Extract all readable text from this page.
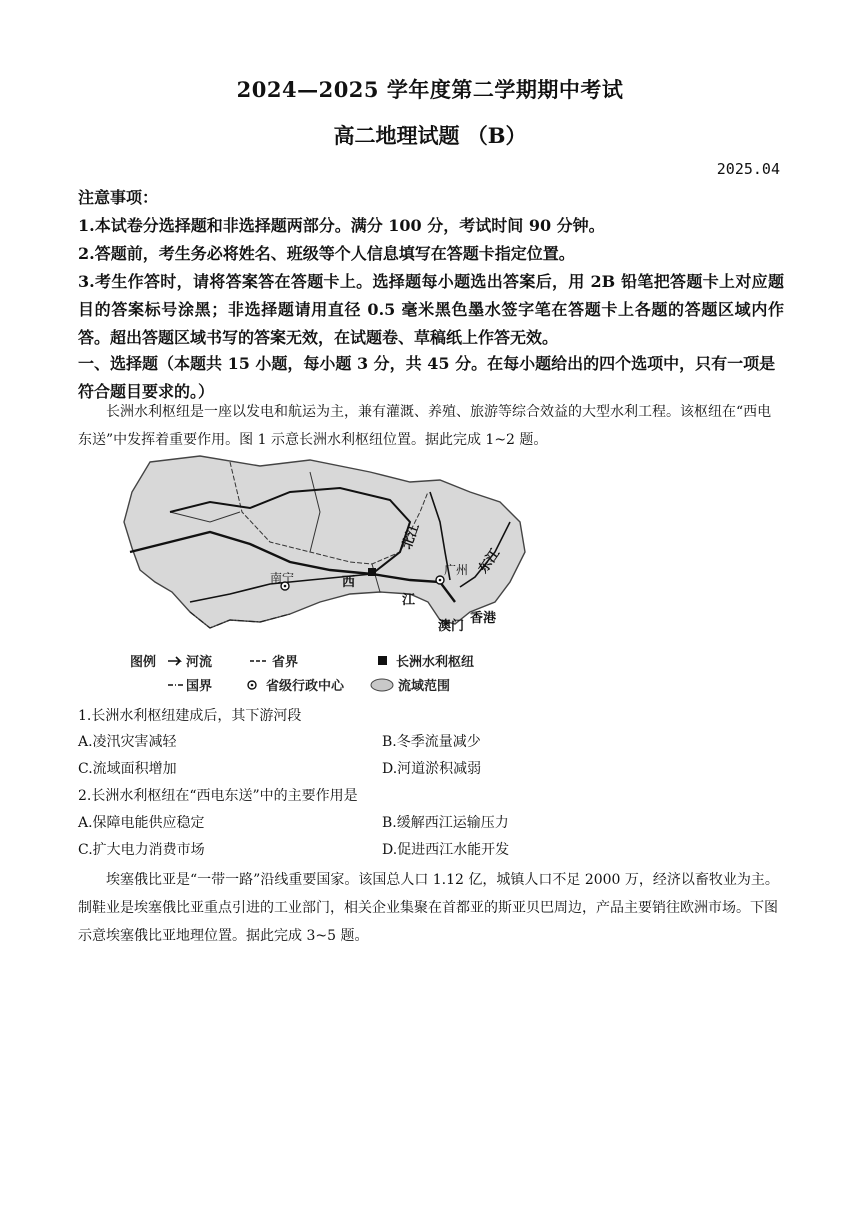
2024—2025 学年度第二学期期中考试
高二地理试题 （B）
2025.04
注意事项：
1.本试卷分选择题和非选择题两部分。满分 100 分，考试时间 90 分钟。
2.答题前，考生务必将姓名、班级等个人信息填写在答题卡指定位置。
3.考生作答时，请将答案答在答题卡上。选择题每小题选出答案后，用 2B 铅笔把答题卡上对应题目的答案标号涂黑；非选择题请用直径 0.5 毫米黑色墨水签字笔在答题卡上各题的答题区域内作答。超出答题区域书写的答案无效，在试题卷、草稿纸上作答无效。
一、选择题（本题共 15 小题，每小题 3 分，共 45 分。在每小题给出的四个选项中，只有一项是符合题目要求的。）
长洲水利枢纽是一座以发电和航运为主，兼有灌溉、养殖、旅游等综合效益的大型水利工程。该枢纽在“西电东送”中发挥着重要作用。图 1 示意长洲水利枢纽位置。据此完成 1~2 题。
南宁	西
江
北江
东江
广州
澳门
香港
图例 河流	省界	长洲水利枢纽
国界	省级行政中心	流域范围
1.长洲水利枢纽建成后，其下游河段
A.凌汛灾害减轻	B.冬季流量减少
C.流域面积增加	D.河道淤积减弱
2.长洲水利枢纽在“西电东送”中的主要作用是
A.保障电能供应稳定	B.缓解西江运输压力
C.扩大电力消费市场	D.促进西江水能开发
埃塞俄比亚是“一带一路”沿线重要国家。该国总人口 1.12 亿，城镇人口不足 2000 万，经济以畜牧业为主。制鞋业是埃塞俄比亚重点引进的工业部门，相关企业集聚在首都亚的斯亚贝巴周边，产品主要销往欧洲市场。下图示意埃塞俄比亚地理位置。据此完成 3~5 题。
